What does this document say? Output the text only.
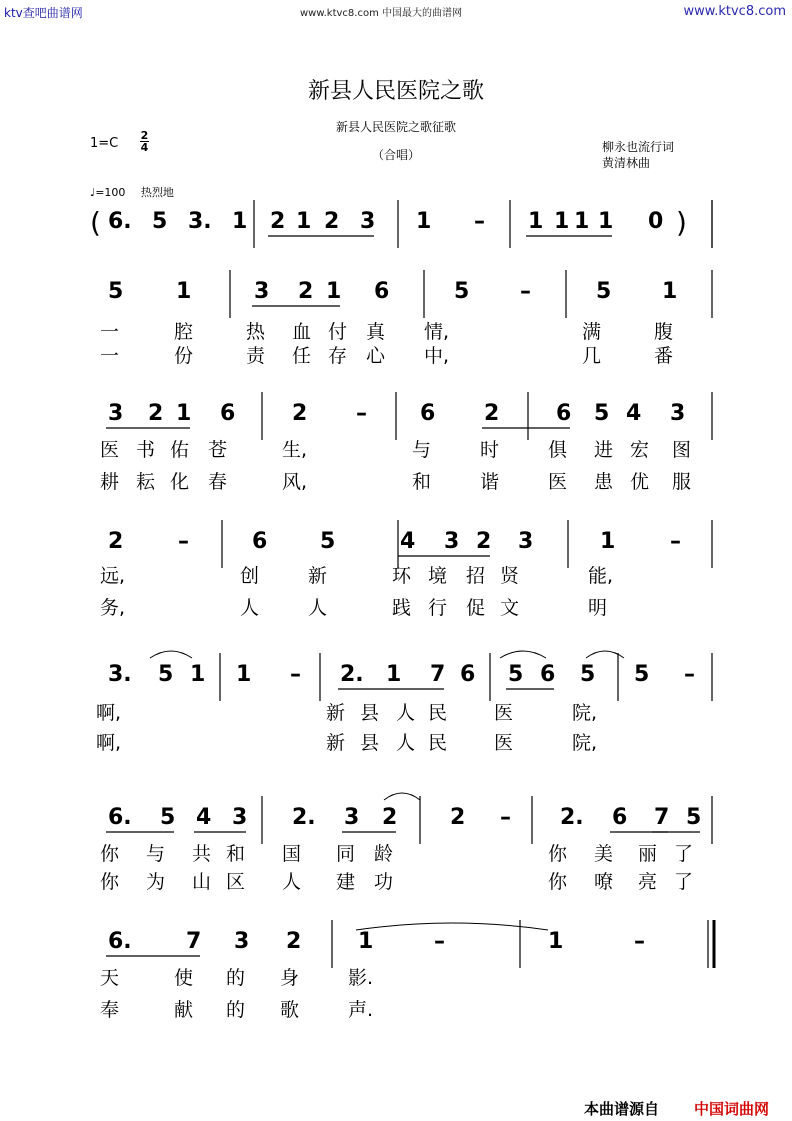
ktv查吧曲谱网	www.ktvc8.com 中国最大的曲谱网	www.ktvc8.com
新县人民医院之歌
新县人民医院之歌征歌
（合唱）
1=C
2
4	柳永也流行词
黄清林曲
♩=100 热烈地
( 6. 5 3. 1 2 1 2 3 1 – 1 1 1 1 0 )
5 1	3 2 1 6	5 –	5 1
一	腔	热 血 付 真 情,	满	腹
一	份	责 任 存 心 中,	几	番
3 2 1 6	2 – 6 2	6 5 4 3
医 书 佑 苍	生,	与	时	俱 进 宏 图
耕 耘 化 春	风,	和	谐	医 患 优 服
2 –	6 5	4 3 2 3	1 –
远,	创	新	环 境 招 贤	能,
务,	人	人	践 行 促 文	明
3. 5 1 1 – 2. 1 7 6 5 6 5 5 –
啊,	新 县 人 民 医	院,
啊,	新 县 人 民 医	院,
6. 5 4 3 2. 3 2 2 – 2. 6 7 5
你 与 共 和 国 同 龄	你 美 丽 了
你 为 山 区 人 建 功	你 嘹 亮 了
6. 7 3 2	1	–	1	–
天	使 的 身	影.
奉	献 的 歌	声.
本曲谱源自 中国词曲网
